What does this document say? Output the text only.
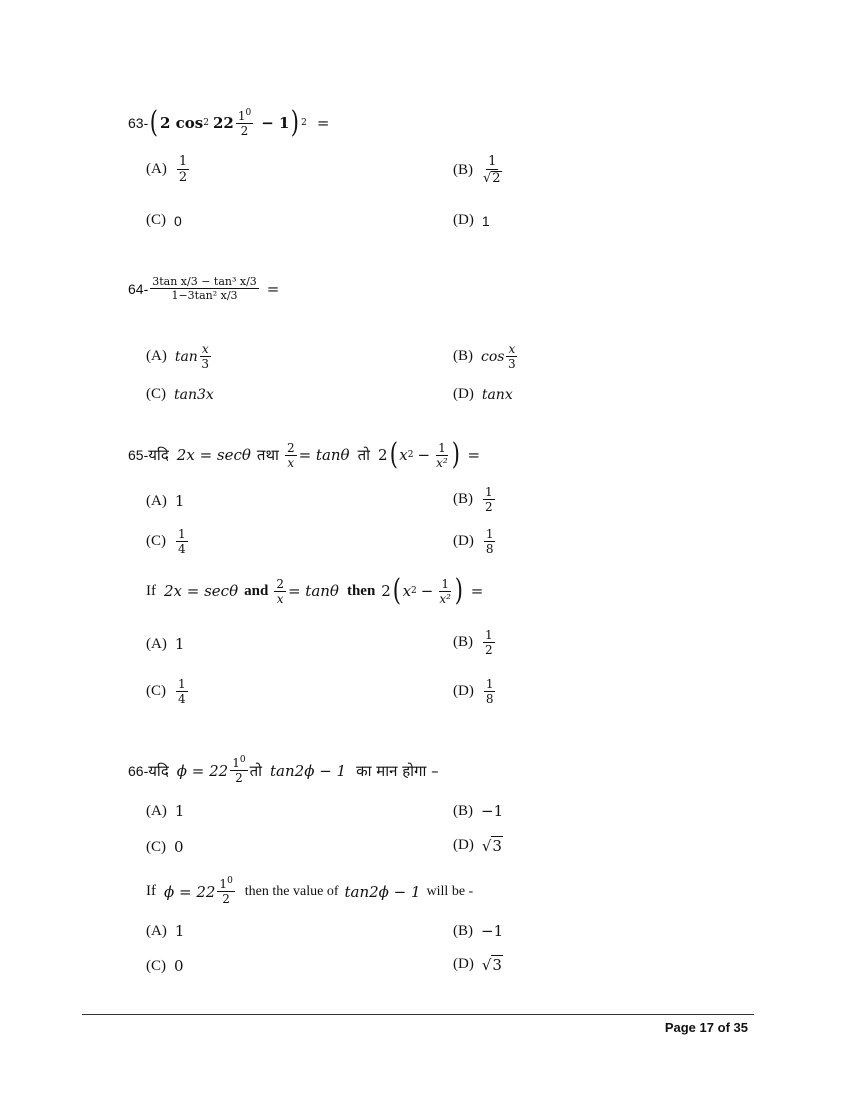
63- ( 2 cos 2 $22 \frac{1^0}{2} - 1$ ) 2 =
$(A) \frac{1}{2}$	$(B) \frac{1}{√ 2}$
(C) 0	(D) 1
$64- \frac{\text{3tan x/3 − tan³ x/3}}{\text{1−3tan² x/3}}$ =
(A) $\tan \frac{x}{3}$	(B) $\cos \frac{x}{3}$
(C) tan3x	(D) tanx
65- यदि 2x = secθ तथा $\frac{2}{x} = \tan\theta$ तो 2 ( x $2 - \frac{1}{\text{x²}}$ ) =
(A) 1	$(B) \frac{1}{2}$
$(C) \frac{1}{4}$	$(D) \frac{1}{8}$
If 2x = secθ and $\frac{2}{x} = \tan\theta$ then 2 ( x $2 - \frac{1}{\text{x²}}$ ) =
(A) 1	$(B) \frac{1}{2}$
$(C) \frac{1}{4}$	$(D) \frac{1}{8}$
66- यदि $\phi = 22 \frac{1^0}{2}$ तो tan2ϕ − 1 का मान होगा –
(A) 1	(B) −1
(C) 0	(D) √ 3
If $\phi = 22 \frac{1^0}{2}$ then the value of tan2ϕ − 1 will be -
(A) 1	(B) −1
(C) 0	(D) √ 3
Page 17 of 35
